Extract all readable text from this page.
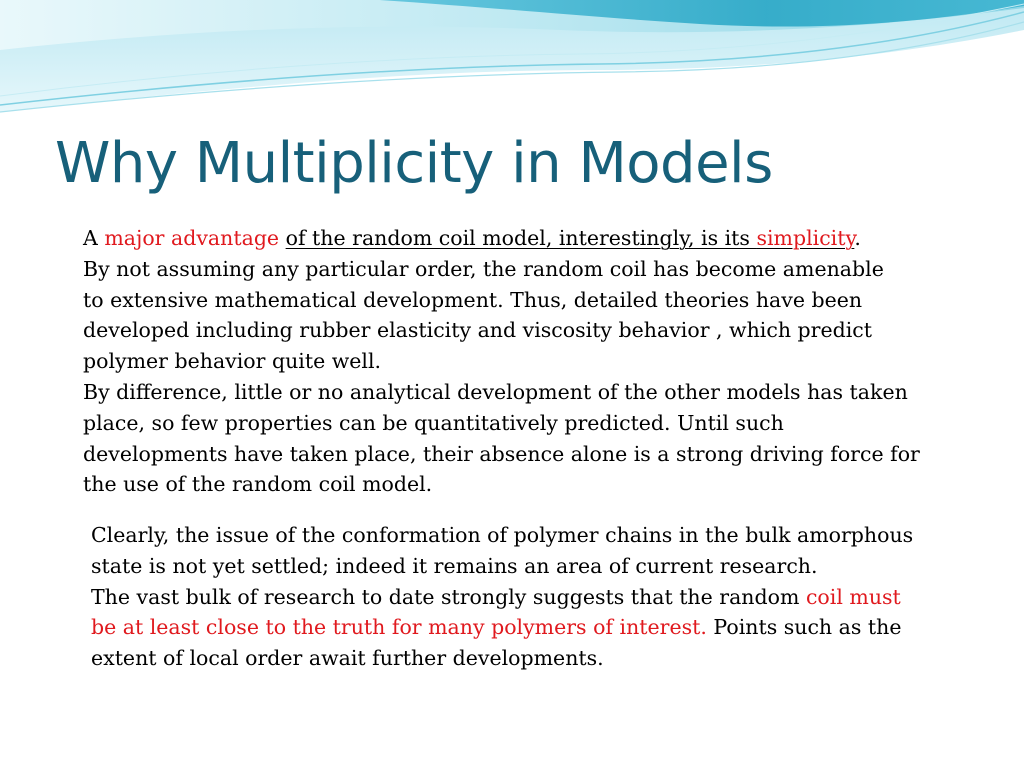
Why Multiplicity in Models
A major advantage of the random coil model, interestingly, is its simplicity.
By not assuming any particular order, the random coil has become amenable
to extensive mathematical development. Thus, detailed theories have been
developed including rubber elasticity and viscosity behavior , which predict
polymer behavior quite well.
By difference, little or no analytical development of the other models has taken
place, so few properties can be quantitatively predicted. Until such
developments have taken place, their absence alone is a strong driving force for
the use of the random coil model.
Clearly, the issue of the conformation of polymer chains in the bulk amorphous
state is not yet settled; indeed it remains an area of current research.
The vast bulk of research to date strongly suggests that the random coil must
be at least close to the truth for many polymers of interest. Points such as the
extent of local order await further developments.
